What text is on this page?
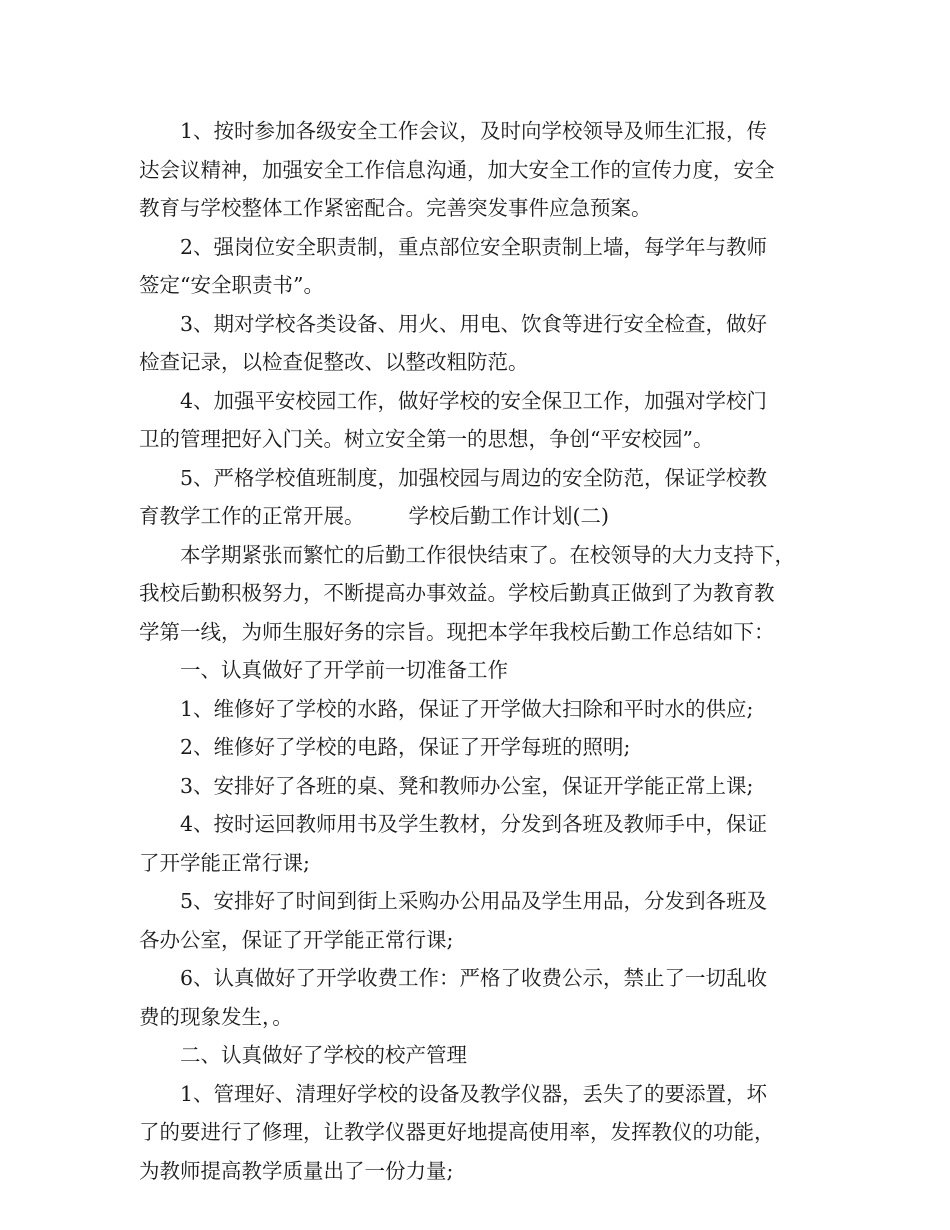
1、按时参加各级安全工作会议，及时向学校领导及师生汇报，传
达会议精神，加强安全工作信息沟通，加大安全工作的宣传力度，安全
教育与学校整体工作紧密配合。完善突发事件应急预案。
2、强岗位安全职责制，重点部位安全职责制上墙，每学年与教师
签定“安全职责书”。
3、期对学校各类设备、用火、用电、饮食等进行安全检查，做好
检查记录，以检查促整改、以整改粗防范。
4、加强平安校园工作，做好学校的安全保卫工作，加强对学校门
卫的管理把好入门关。树立安全第一的思想，争创“平安校园”。
5、严格学校值班制度，加强校园与周边的安全防范，保证学校教
育教学工作的正常开展。 学校后勤工作计划(二)
本学期紧张而繁忙的后勤工作很快结束了。在校领导的大力支持下，
我校后勤积极努力，不断提高办事效益。学校后勤真正做到了为教育教
学第一线，为师生服好务的宗旨。现把本学年我校后勤工作总结如下：
一、认真做好了开学前一切准备工作
1、维修好了学校的水路，保证了开学做大扫除和平时水的供应;
2、维修好了学校的电路，保证了开学每班的照明;
3、安排好了各班的桌、凳和教师办公室，保证开学能正常上课;
4、按时运回教师用书及学生教材，分发到各班及教师手中，保证
了开学能正常行课;
5、安排好了时间到街上采购办公用品及学生用品，分发到各班及
各办公室，保证了开学能正常行课;
6、认真做好了开学收费工作：严格了收费公示，禁止了一切乱收
费的现象发生，。
二、认真做好了学校的校产管理
1、管理好、清理好学校的设备及教学仪器，丢失了的要添置，坏
了的要进行了修理，让教学仪器更好地提高使用率，发挥教仪的功能，
为教师提高教学质量出了一份力量;
